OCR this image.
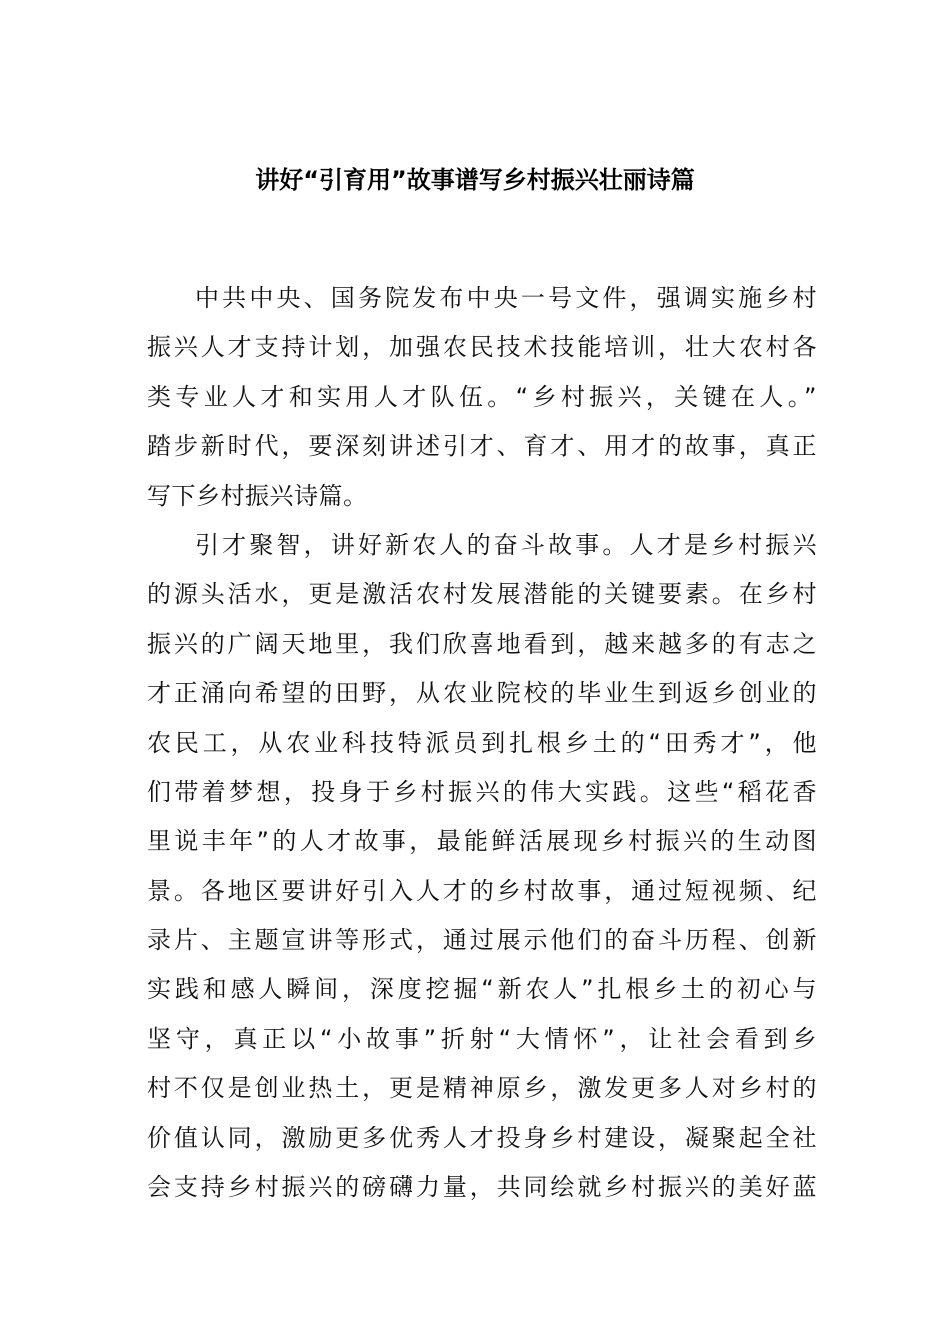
讲好“引育用”故事谱写乡村振兴壮丽诗篇

中共中央、国务院发布中央一号文件，强调实施乡村
振兴人才支持计划，加强农民技术技能培训，壮大农村各
类专业人才和实用人才队伍。“乡村振兴，关键在人。”
踏步新时代，要深刻讲述引才、育才、用才的故事，真正
写下乡村振兴诗篇。

引才聚智，讲好新农人的奋斗故事。人才是乡村振兴
的源头活水，更是激活农村发展潜能的关键要素。在乡村
振兴的广阔天地里，我们欣喜地看到，越来越多的有志之
才正涌向希望的田野，从农业院校的毕业生到返乡创业的
农民工，从农业科技特派员到扎根乡土的“田秀才”，他
们带着梦想，投身于乡村振兴的伟大实践。这些“稻花香
里说丰年”的人才故事，最能鲜活展现乡村振兴的生动图
景。各地区要讲好引入人才的乡村故事，通过短视频、纪
录片、主题宣讲等形式，通过展示他们的奋斗历程、创新
实践和感人瞬间，深度挖掘“新农人”扎根乡土的初心与
坚守，真正以“小故事”折射“大情怀”，让社会看到乡
村不仅是创业热土，更是精神原乡，激发更多人对乡村的
价值认同，激励更多优秀人才投身乡村建设，凝聚起全社
会支持乡村振兴的磅礴力量，共同绘就乡村振兴的美好蓝
